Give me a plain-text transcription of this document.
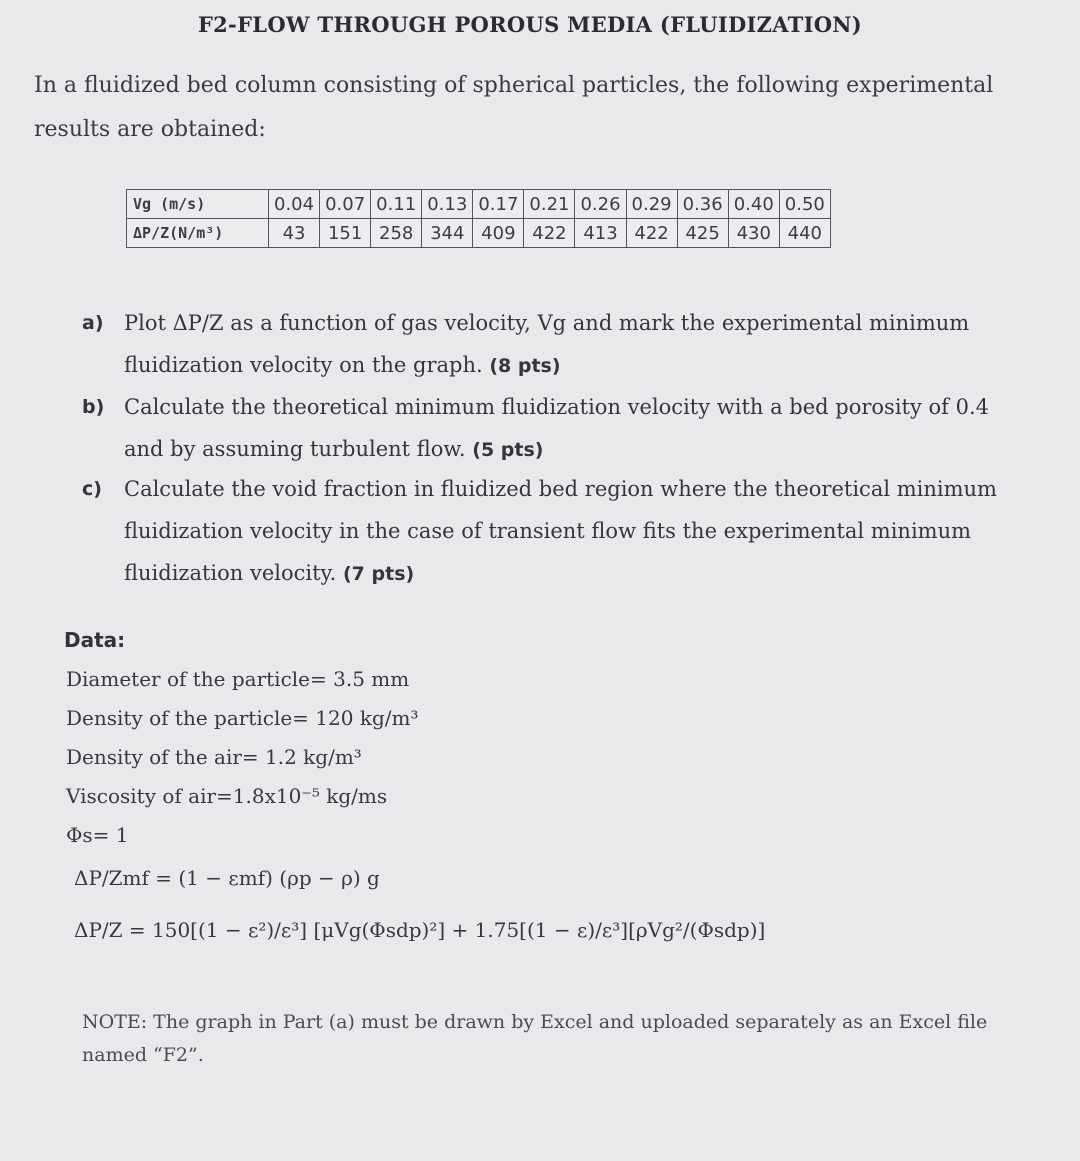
F2-FLOW THROUGH POROUS MEDIA (FLUIDIZATION)
In a fluidized bed column consisting of spherical particles, the following experimental results are obtained:
Vg (m/s)	0.04	0.07	0.11	0.13	0.17	0.21	0.26	0.29	0.36	0.40	0.50
ΔP/Z(N/m³)	43	151	258	344	409	422	413	422	425	430	440
a) Plot ΔP/Z as a function of gas velocity, Vg and mark the experimental minimum fluidization velocity on the graph. (8 pts)
b) Calculate the theoretical minimum fluidization velocity with a bed porosity of 0.4 and by assuming turbulent flow. (5 pts)
c) Calculate the void fraction in fluidized bed region where the theoretical minimum fluidization velocity in the case of transient flow fits the experimental minimum fluidization velocity. (7 pts)
Data:
Diameter of the particle= 3.5 mm
Density of the particle= 120 kg/m³
Density of the air= 1.2 kg/m³
Viscosity of air=1.8x10⁻⁵ kg/ms
Φs= 1
ΔP/Zmf = (1 − εmf) (ρp − ρ) g
ΔP/Z = 150[(1 − ε²)/ε³] [μVg(Φsdp)²] + 1.75[(1 − ε)/ε³][ρVg²/(Φsdp)]
NOTE: The graph in Part (a) must be drawn by Excel and uploaded separately as an Excel file named “F2”.
